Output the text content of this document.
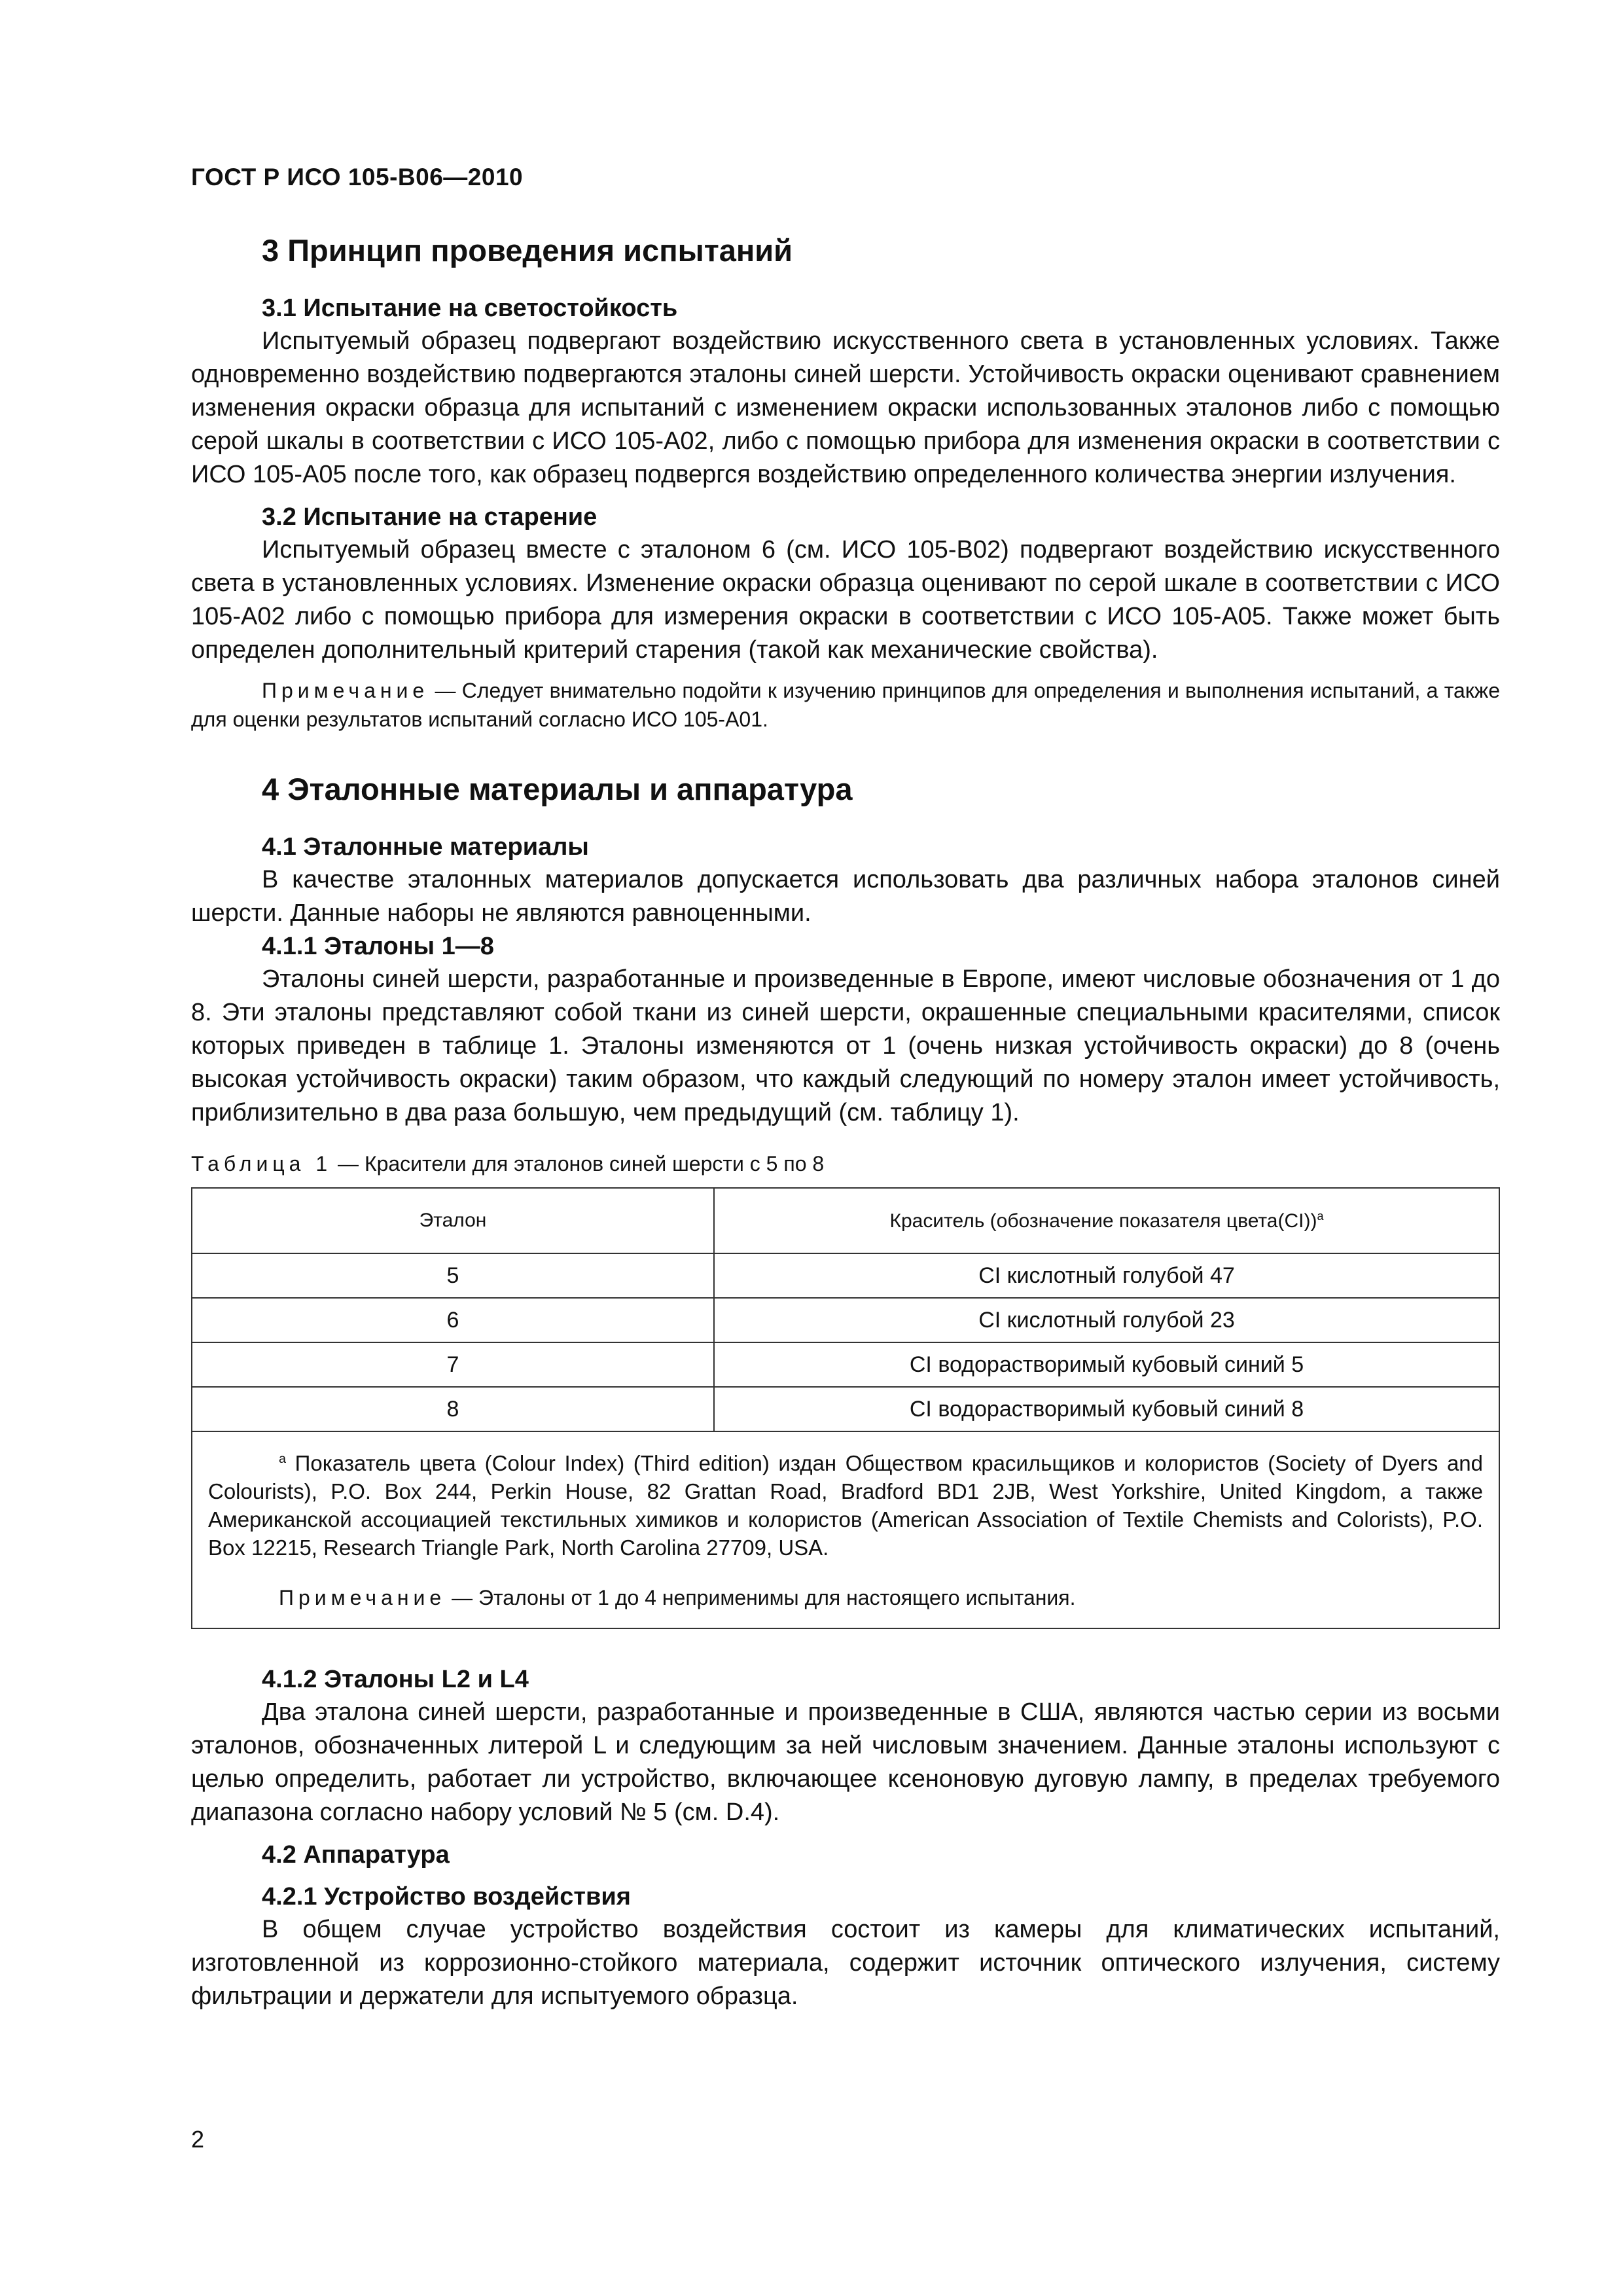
ГОСТ Р ИСО 105-В06—2010
3 Принцип проведения испытаний
3.1 Испытание на светостойкость

Испытуемый образец подвергают воздействию искусственного света в установленных условиях. Также одновременно воздействию подвергаются эталоны синей шерсти. Устойчивость окраски оценивают сравнением изменения окраски образца для испытаний с изменением окраски использованных эталонов либо с помощью серой шкалы в соответствии с ИСО 105-А02, либо с помощью прибора для изменения окраски в соответствии с ИСО 105-А05 после того, как образец подвергся воздействию определенного количества энергии излучения.

3.2 Испытание на старение

Испытуемый образец вместе с эталоном 6 (см. ИСО 105-В02) подвергают воздействию искусственного света в установленных условиях. Изменение окраски образца оценивают по серой шкале в соответствии с ИСО 105-А02 либо с помощью прибора для измерения окраски в соответствии с ИСО 105-А05. Также может быть определен дополнительный критерий старения (такой как механические свойства).

Примечание — Следует внимательно подойти к изучению принципов для определения и выполнения испытаний, а также для оценки результатов испытаний согласно ИСО 105-А01.

4 Эталонные материалы и аппаратура
4.1 Эталонные материалы

В качестве эталонных материалов допускается использовать два различных набора эталонов синей шерсти. Данные наборы не являются равноценными.

4.1.1 Эталоны 1—8

Эталоны синей шерсти, разработанные и произведенные в Европе, имеют числовые обозначения от 1 до 8. Эти эталоны представляют собой ткани из синей шерсти, окрашенные специальными красителями, список которых приведен в таблице 1. Эталоны изменяются от 1 (очень низкая устойчивость окраски) до 8 (очень высокая устойчивость окраски) таким образом, что каждый следующий по номеру эталон имеет устойчивость, приблизительно в два раза большую, чем предыдущий (см. таблицу 1).

Таблица 1 — Красители для эталонов синей шерсти с 5 по 8

Эталон	Краситель (обозначение показателя цвета(CI))$^a$
5	CI кислотный голубой 47
6	CI кислотный голубой 23
7	CI водорастворимый кубовый синий 5
8	CI водорастворимый кубовый синий 8

$^a$ Показатель цвета (Colour Index) (Third edition) издан Обществом красильщиков и колористов (Society of Dyers and Colourists), P.O. Box 244, Perkin House, 82 Grattan Road, Bradford BD1 2JB, West Yorkshire, United Kingdom, а также Американской ассоциацией текстильных химиков и колористов (American Association of Textile Chemists and Colorists), P.O. Box 12215, Research Triangle Park, North Carolina 27709, USA.
Примечание — Эталоны от 1 до 4 неприменимы для настоящего испытания.	
4.1.2 Эталоны L2 и L4

Два эталона синей шерсти, разработанные и произведенные в США, являются частью серии из восьми эталонов, обозначенных литерой L и следующим за ней числовым значением. Данные эталоны используют с целью определить, работает ли устройство, включающее ксеноновую дуговую лампу, в пределах требуемого диапазона согласно набору условий № 5 (см. D.4).

4.2 Аппаратура
4.2.1 Устройство воздействия

В общем случае устройство воздействия состоит из камеры для климатических испытаний, изготовленной из коррозионно-стойкого материала, содержит источник оптического излучения, систему фильтрации и держатели для испытуемого образца.

2
